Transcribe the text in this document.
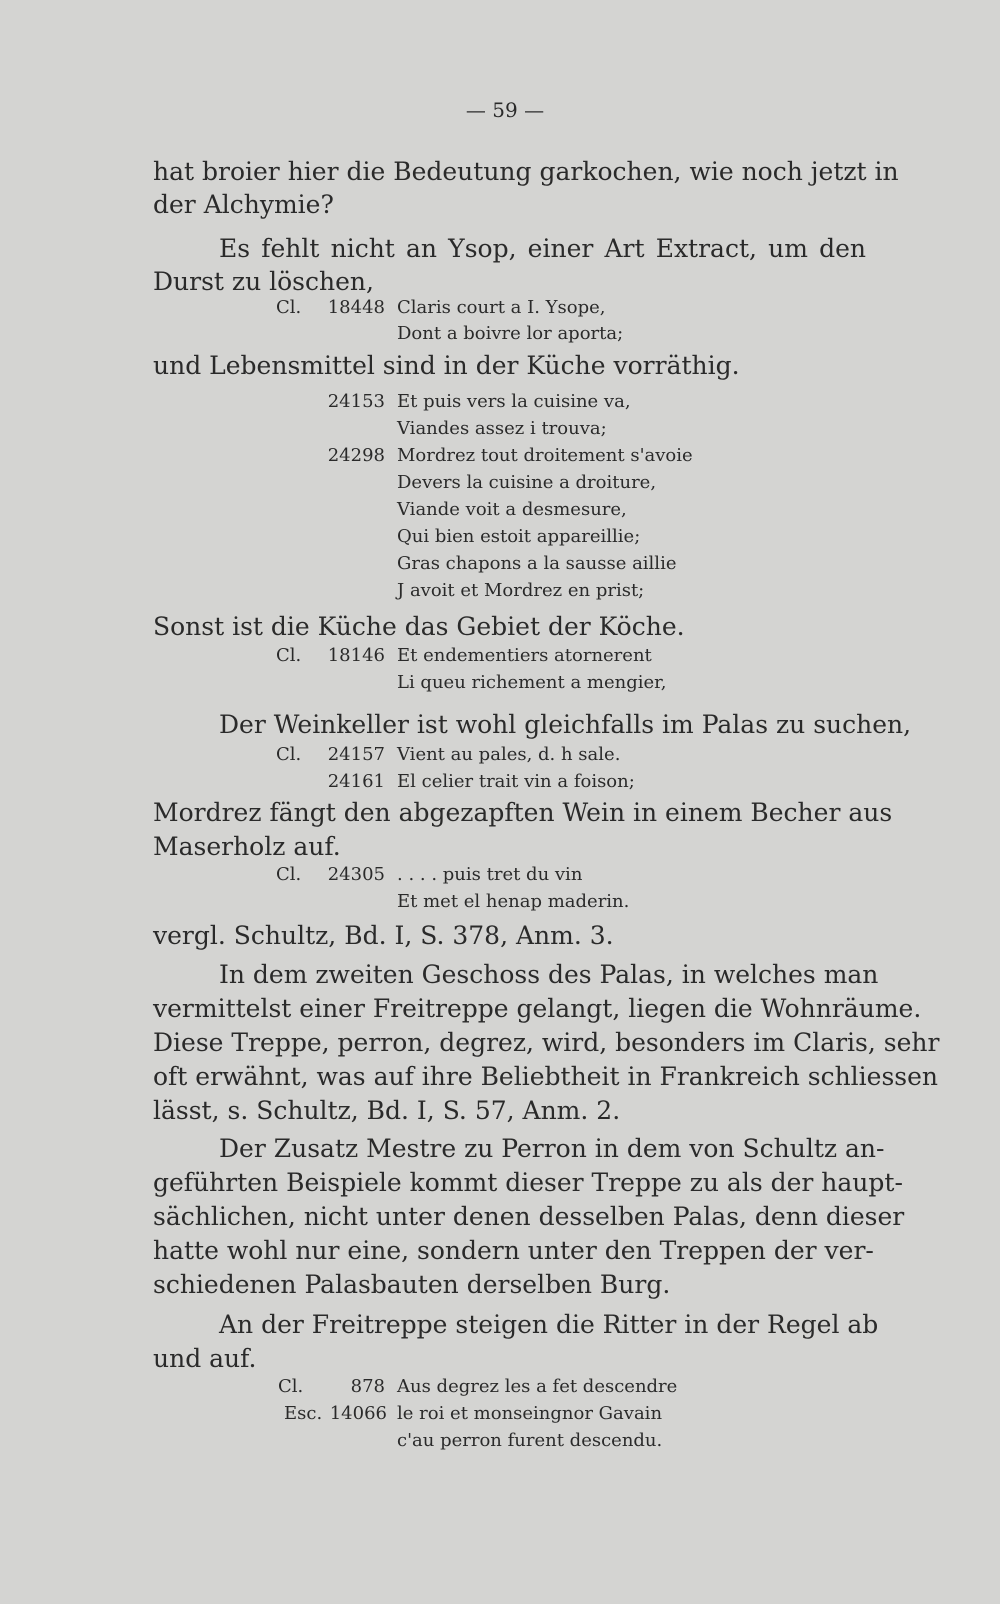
— 59 —
hat broier hier die Bedeutung garkochen, wie noch jetzt in
der Alchymie?
Es fehlt nicht an Ysop, einer Art Extract, um den
Durst zu löschen,
Cl.	18448 Claris court a I. Ysope,
Dont a boivre lor aporta;
und Lebensmittel sind in der Küche vorräthig.
24153 Et puis vers la cuisine va,
Viandes assez i trouva;
24298 Mordrez tout droitement s'avoie
Devers la cuisine a droiture,
Viande voit a desmesure,
Qui bien estoit appareillie;
Gras chapons a la sausse aillie
J avoit et Mordrez en prist;
Sonst ist die Küche das Gebiet der Köche.
Cl.	18146 Et endementiers atornerent
Li queu richement a mengier,
Der Weinkeller ist wohl gleichfalls im Palas zu suchen,
Cl.	24157 Vient au pales, d. h sale.
24161 El celier trait vin a foison;
Mordrez fängt den abgezapften Wein in einem Becher aus
Maserholz auf.
Cl.	24305 . . . . puis tret du vin
Et met el henap maderin.
vergl. Schultz, Bd. I, S. 378, Anm. 3.
In dem zweiten Geschoss des Palas, in welches man
vermittelst einer Freitreppe gelangt, liegen die Wohnräume.
Diese Treppe, perron, degrez, wird, besonders im Claris, sehr
oft erwähnt, was auf ihre Beliebtheit in Frankreich schliessen
lässt, s. Schultz, Bd. I, S. 57, Anm. 2.
Der Zusatz Mestre zu Perron in dem von Schultz an-
geführten Beispiele kommt dieser Treppe zu als der haupt-
sächlichen, nicht unter denen desselben Palas, denn dieser
hatte wohl nur eine, sondern unter den Treppen der ver-
schiedenen Palasbauten derselben Burg.
An der Freitreppe steigen die Ritter in der Regel ab
und auf.
Cl.	878 Aus degrez les a fet descendre
Esc. 14066 le roi et monseingnor Gavain
c'au perron furent descendu.
